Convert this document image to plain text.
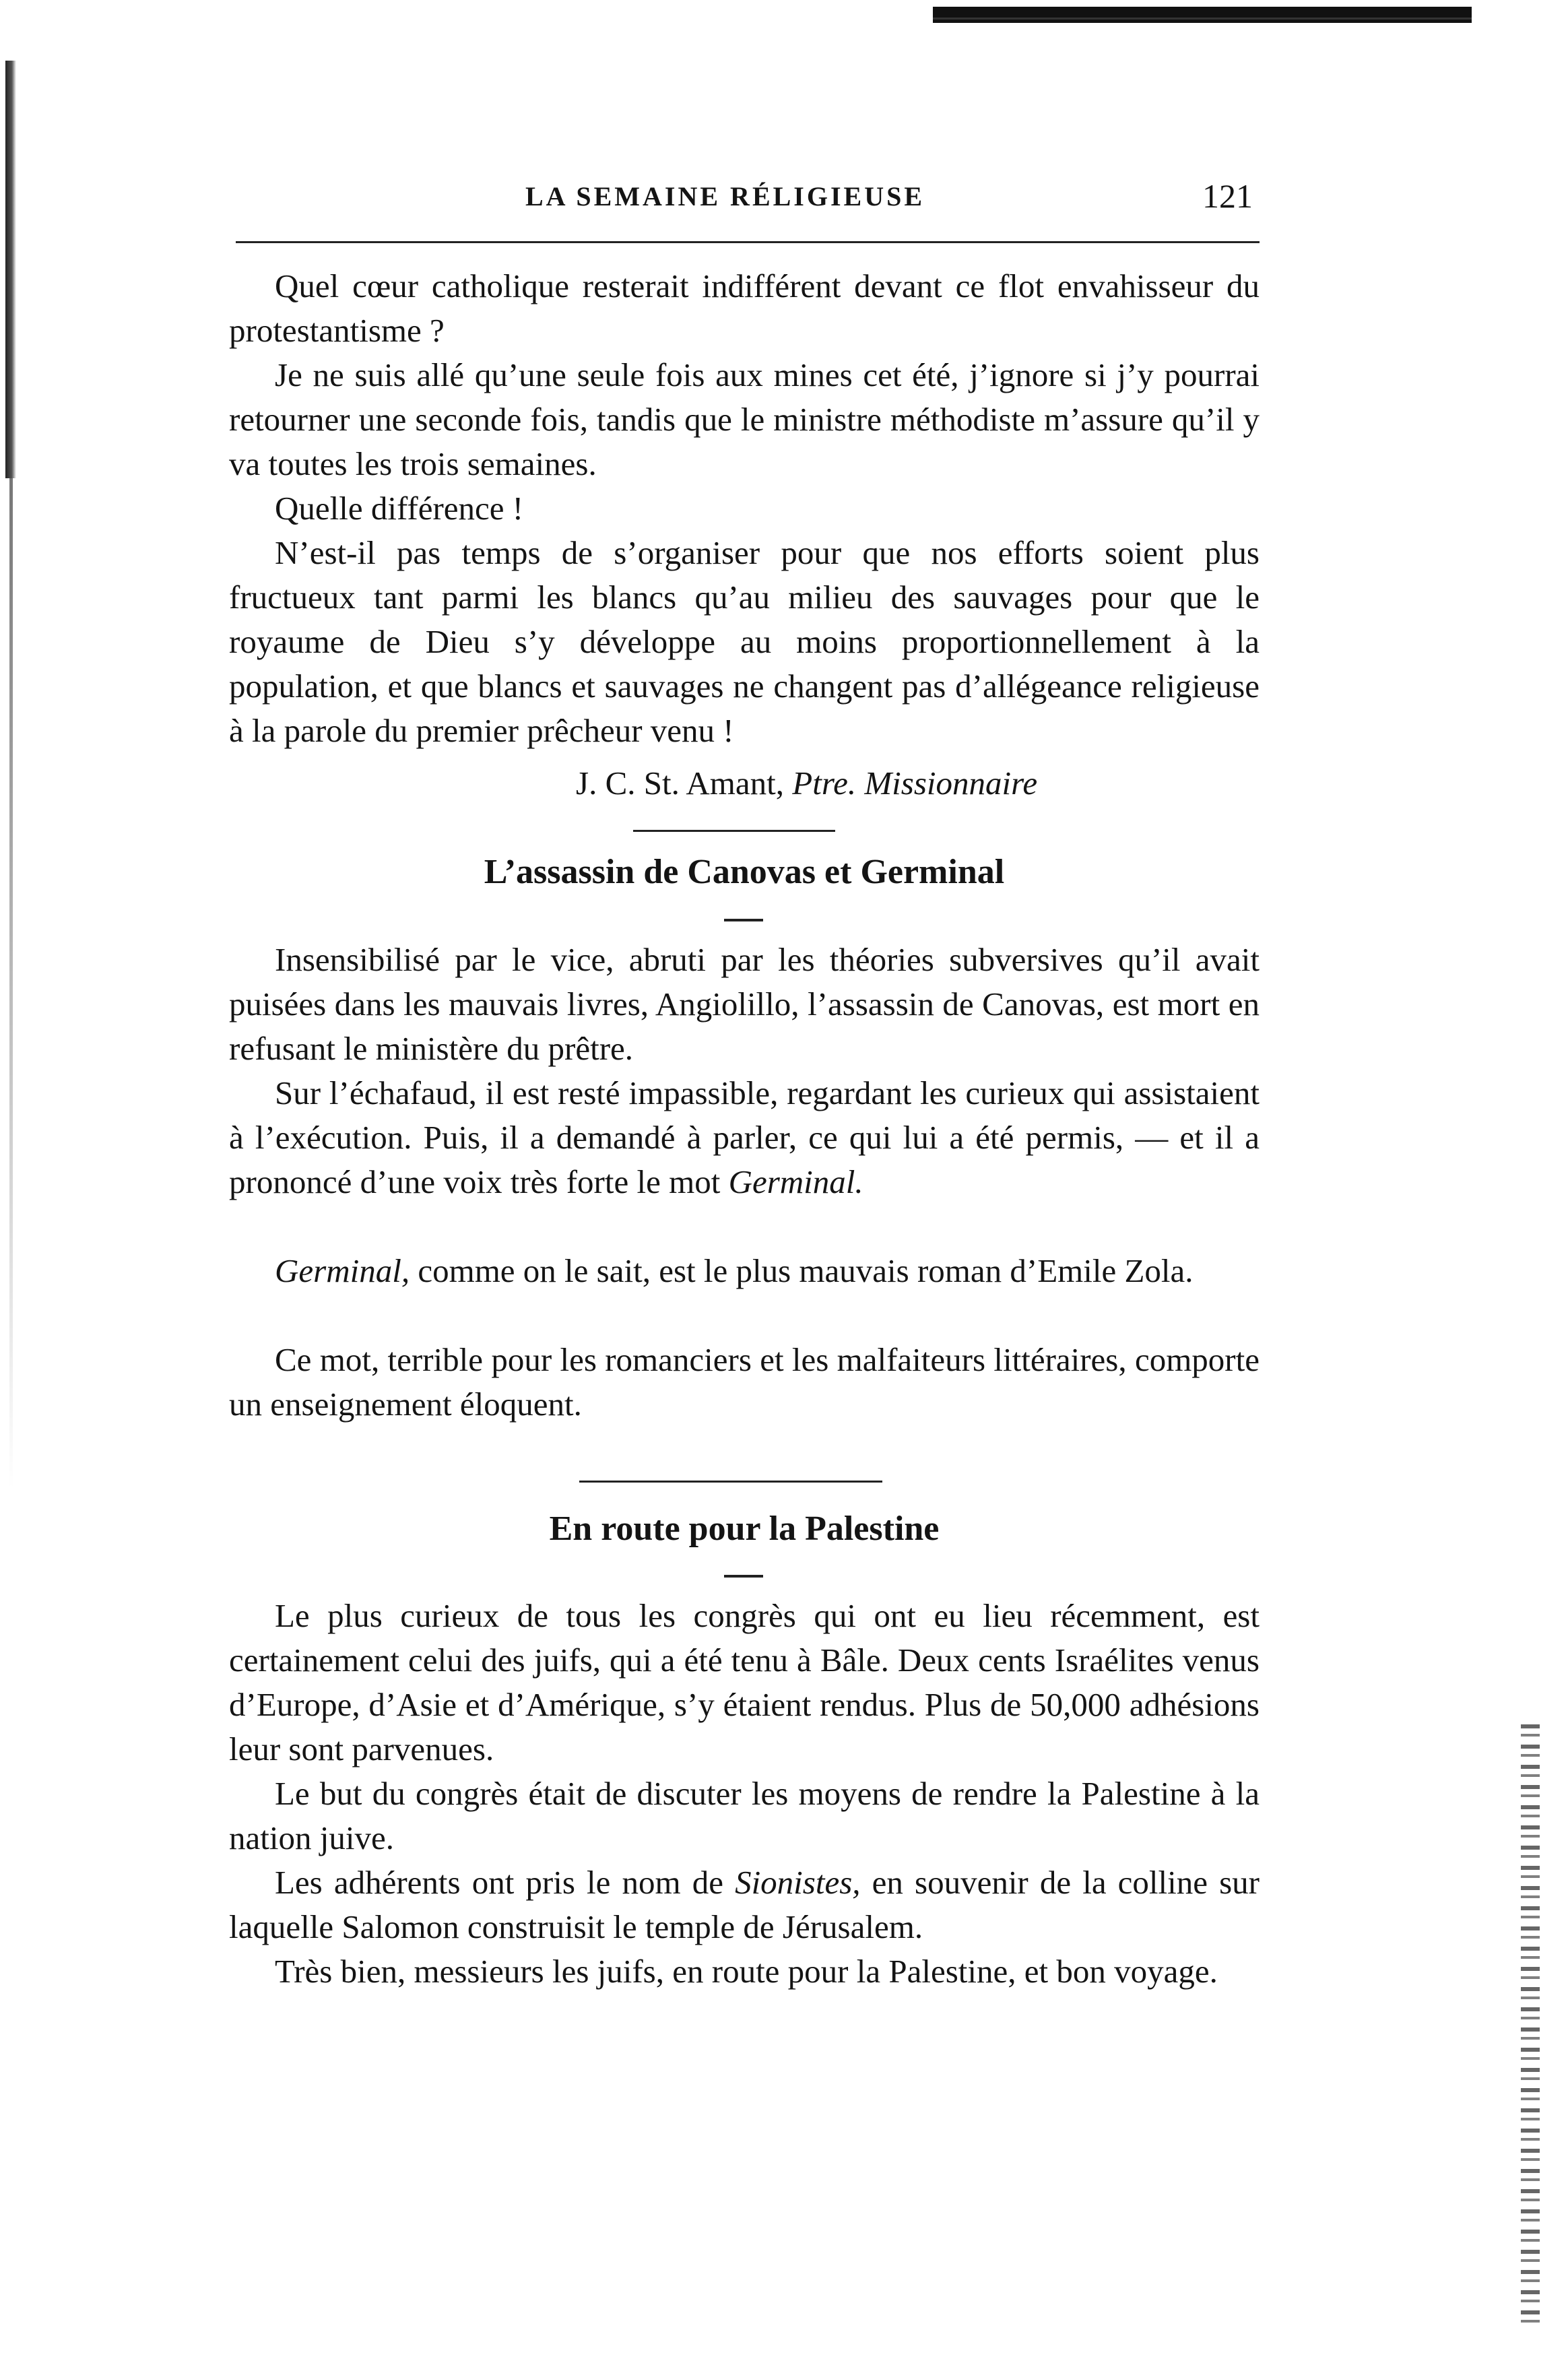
LA SEMAINE RÉLIGIEUSE	121

Quel cœur catholique resterait indifférent devant ce flot envahisseur du protestantisme ?

Je ne suis allé qu’une seule fois aux mines cet été, j’ignore si j’y pourrai retourner une seconde fois, tandis que le ministre méthodiste m’assure qu’il y va toutes les trois semaines.

Quelle différence !

N’est-il pas temps de s’organiser pour que nos efforts soient plus fructueux tant parmi les blancs qu’au milieu des sauvages pour que le royaume de Dieu s’y développe au moins proportionnellement à la population, et que blancs et sauvages ne changent pas d’allégeance religieuse à la parole du premier prêcheur venu !

J. C. St. Amant, Ptre. Missionnaire

L’assassin de Canovas et Germinal

Insensibilisé par le vice, abruti par les théories subversives qu’il avait puisées dans les mauvais livres, Angiolillo, l’assassin de Canovas, est mort en refusant le ministère du prêtre.

Sur l’échafaud, il est resté impassible, regardant les curieux qui assistaient à l’exécution. Puis, il a demandé à parler, ce qui lui a été permis, — et il a prononcé d’une voix très forte le mot Germinal.

Germinal, comme on le sait, est le plus mauvais roman d’Emile Zola.

Ce mot, terrible pour les romanciers et les malfaiteurs littéraires, comporte un enseignement éloquent.

En route pour la Palestine

Le plus curieux de tous les congrès qui ont eu lieu récemment, est certainement celui des juifs, qui a été tenu à Bâle. Deux cents Israélites venus d’Europe, d’Asie et d’Amérique, s’y étaient rendus. Plus de 50,000 adhésions leur sont parvenues.

Le but du congrès était de discuter les moyens de rendre la Palestine à la nation juive.

Les adhérents ont pris le nom de Sionistes, en souvenir de la colline sur laquelle Salomon construisit le temple de Jérusalem.

Très bien, messieurs les juifs, en route pour la Palestine, et bon voyage.
